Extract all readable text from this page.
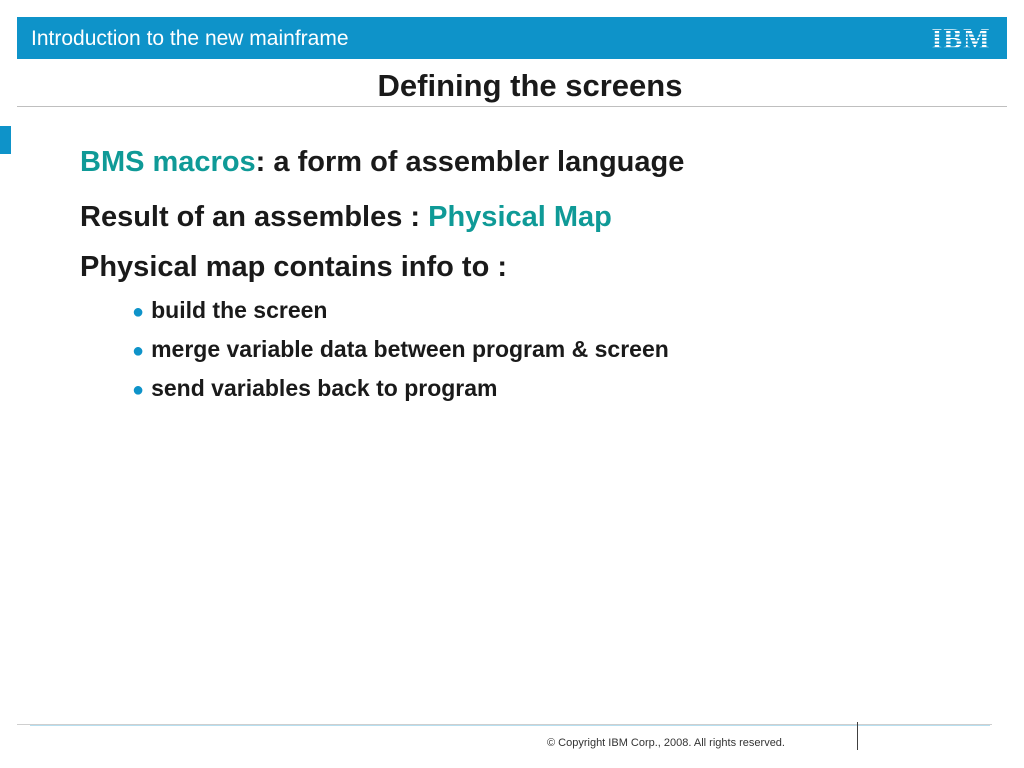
Introduction to the new mainframe	IBM
Defining the screens
BMS macros: a form of assembler language
Result of an assembles : Physical Map
Physical map contains info to :
● build the screen
● merge variable data between program & screen
● send variables back to program
© Copyright IBM Corp., 2008. All rights reserved.
